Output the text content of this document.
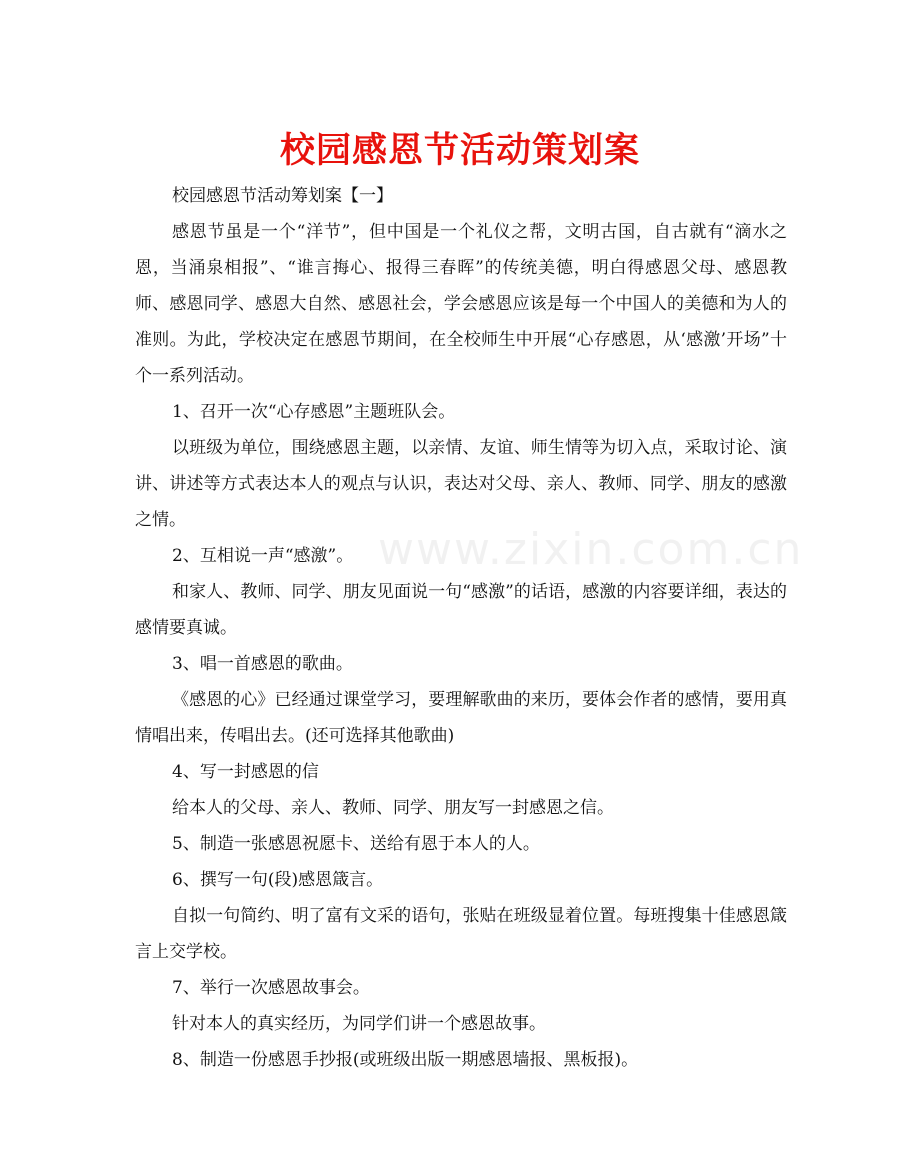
www.zixin.com.cn
校园感恩节活动策划案

校园感恩节活动筹划案【一】

感恩节虽是一个“洋节”，但中国是一个礼仪之帮，文明古国，自古就有“滴水之恩，当涌泉相报”、“谁言挴心、报得三春晖”的传统美德，明白得感恩父母、感恩教师、感恩同学、感恩大自然、感恩社会，学会感恩应该是每一个中国人的美德和为人的准则。为此，学校决定在感恩节期间，在全校师生中开展“心存感恩，从‘感激’开场”十个一系列活动。

1、召开一次“心存感恩”主题班队会。

以班级为单位，围绕感恩主题，以亲情、友谊、师生情等为切入点，采取讨论、演讲、讲述等方式表达本人的观点与认识，表达对父母、亲人、教师、同学、朋友的感激之情。

2、互相说一声“感激”。

和家人、教师、同学、朋友见面说一句“感激”的话语，感激的内容要详细，表达的感情要真诚。

3、唱一首感恩的歌曲。

《感恩的心》已经通过课堂学习，要理解歌曲的来历，要体会作者的感情，要用真情唱出来，传唱出去。(还可选择其他歌曲)

4、写一封感恩的信

给本人的父母、亲人、教师、同学、朋友写一封感恩之信。

5、制造一张感恩祝愿卡、送给有恩于本人的人。

6、撰写一句(段)感恩箴言。

自拟一句简约、明了富有文采的语句，张贴在班级显着位置。每班搜集十佳感恩箴言上交学校。

7、举行一次感恩故事会。

针对本人的真实经历，为同学们讲一个感恩故事。

8、制造一份感恩手抄报(或班级出版一期感恩墙报、黑板报)。
